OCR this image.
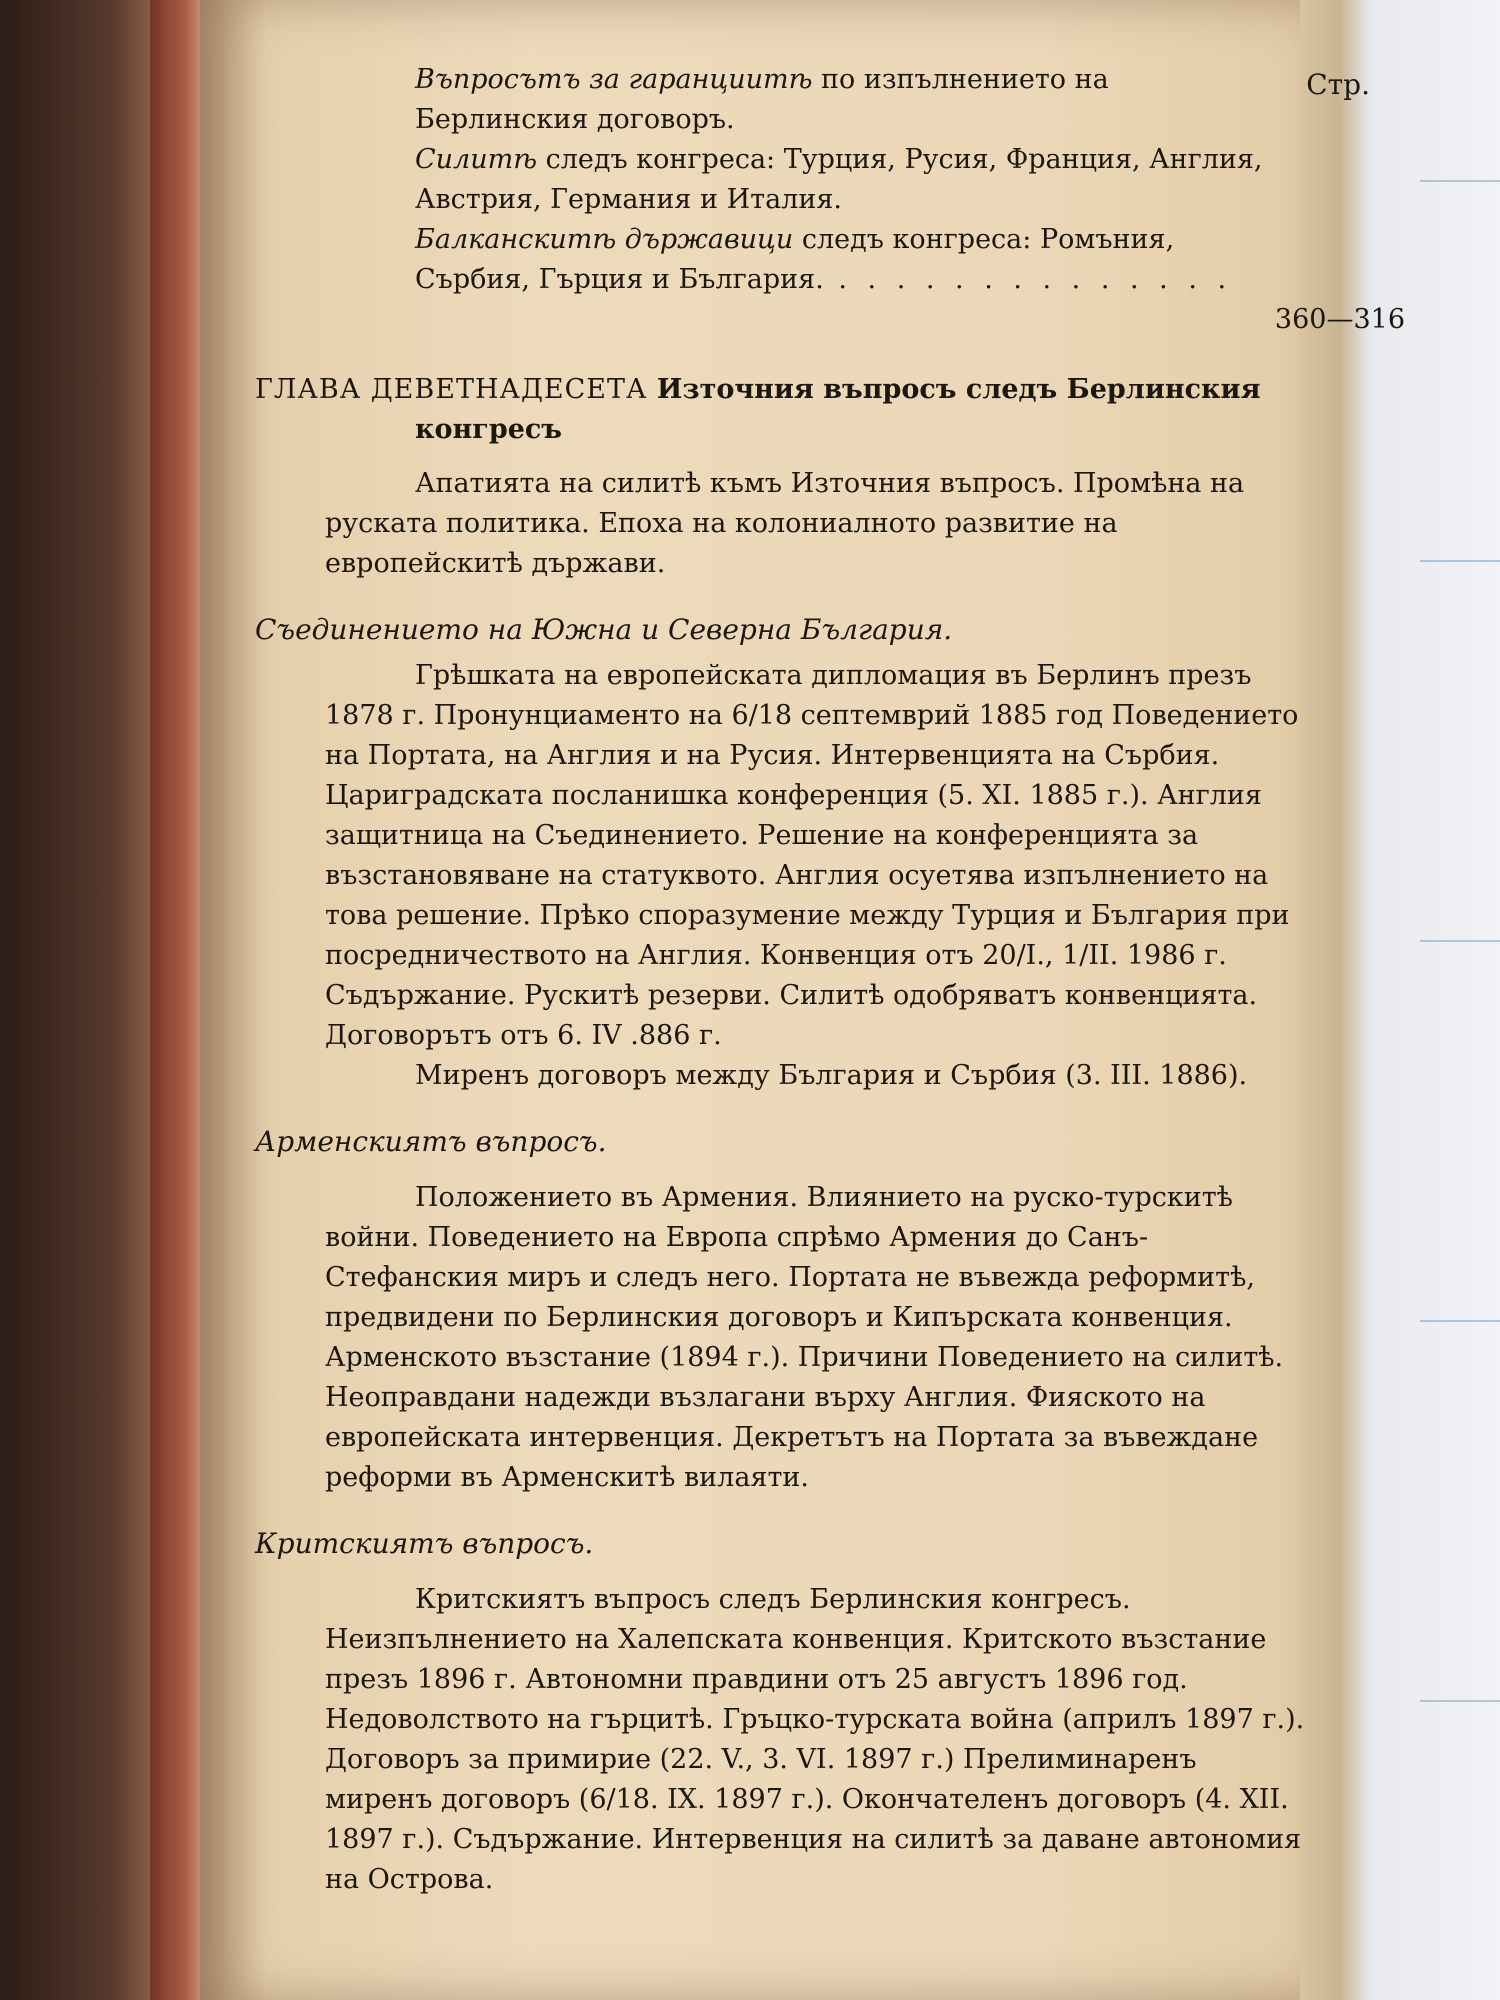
Стр.

Въпросътъ за гаранциитѣ по изпълнението на Берлинския договоръ.

Силитѣ следъ конгреса: Турция, Русия, Франция, Англия, Австрия, Германия и Италия.

Балканскитѣ държавици следъ конгреса: Ромъния, Сърбия, Гърция и България. . . . . . . . . . . . . . .

360—316
ГЛАВА ДЕВЕТНАДЕСЕТА Източния въпросъ следъ Берлинския
конгресъ

Апатията на силитѣ къмъ Източния въпросъ. Промѣна на руската политика. Епоха на колониалното развитие на европейскитѣ държави.

Съединението на Южна и Северна България.

Грѣшката на европейската дипломация въ Берлинъ презъ 1878 г. Пронунциаменто на 6/18 септемврий 1885 год Поведението на Портата, на Англия и на Русия. Интервенцията на Сърбия. Цариградската посланишка конференция (5. XI. 1885 г.). Англия защитница на Съединението. Решение на конференцията за възстановяване на статуквото. Англия осуетява изпълнението на това решение. Прѣко споразумение между Турция и България при посредничеството на Англия. Конвенция отъ 20/I., 1/II. 1986 г. Съдържание. Рускитѣ резерви. Силитѣ одобряватъ конвенцията. Договорътъ отъ 6. IV .886 г.

Миренъ договоръ между България и Сърбия (3. III. 1886).

Арменскиятъ въпросъ.

Положението въ Армения. Влиянието на руско-турскитѣ войни. Поведението на Европа спрѣмо Армения до Санъ-Стефанския миръ и следъ него. Портата не въвежда реформитѣ, предвидени по Берлинския договоръ и Кипърската конвенция. Арменското възстание (1894 г.). Причини Поведението на силитѣ. Неоправдани надежди възлагани върху Англия. Фияското на европейската интервенция. Декретътъ на Портата за въвеждане реформи въ Арменскитѣ вилаяти.

Критскиятъ въпросъ.

Критскиятъ въпросъ следъ Берлинския конгресъ. Неизпълнението на Халепската конвенция. Критското възстание презъ 1896 г. Автономни правдини отъ 25 августъ 1896 год. Недоволството на гърцитѣ. Гръцко-турската война (априлъ 1897 г.). Договоръ за примирие (22. V., 3. VI. 1897 г.) Прелиминаренъ миренъ договоръ (6/18. IX. 1897 г.). Окончателенъ договоръ (4. XII. 1897 г.). Съдържание. Интервенция на силитѣ за даване автономия на Острова.
